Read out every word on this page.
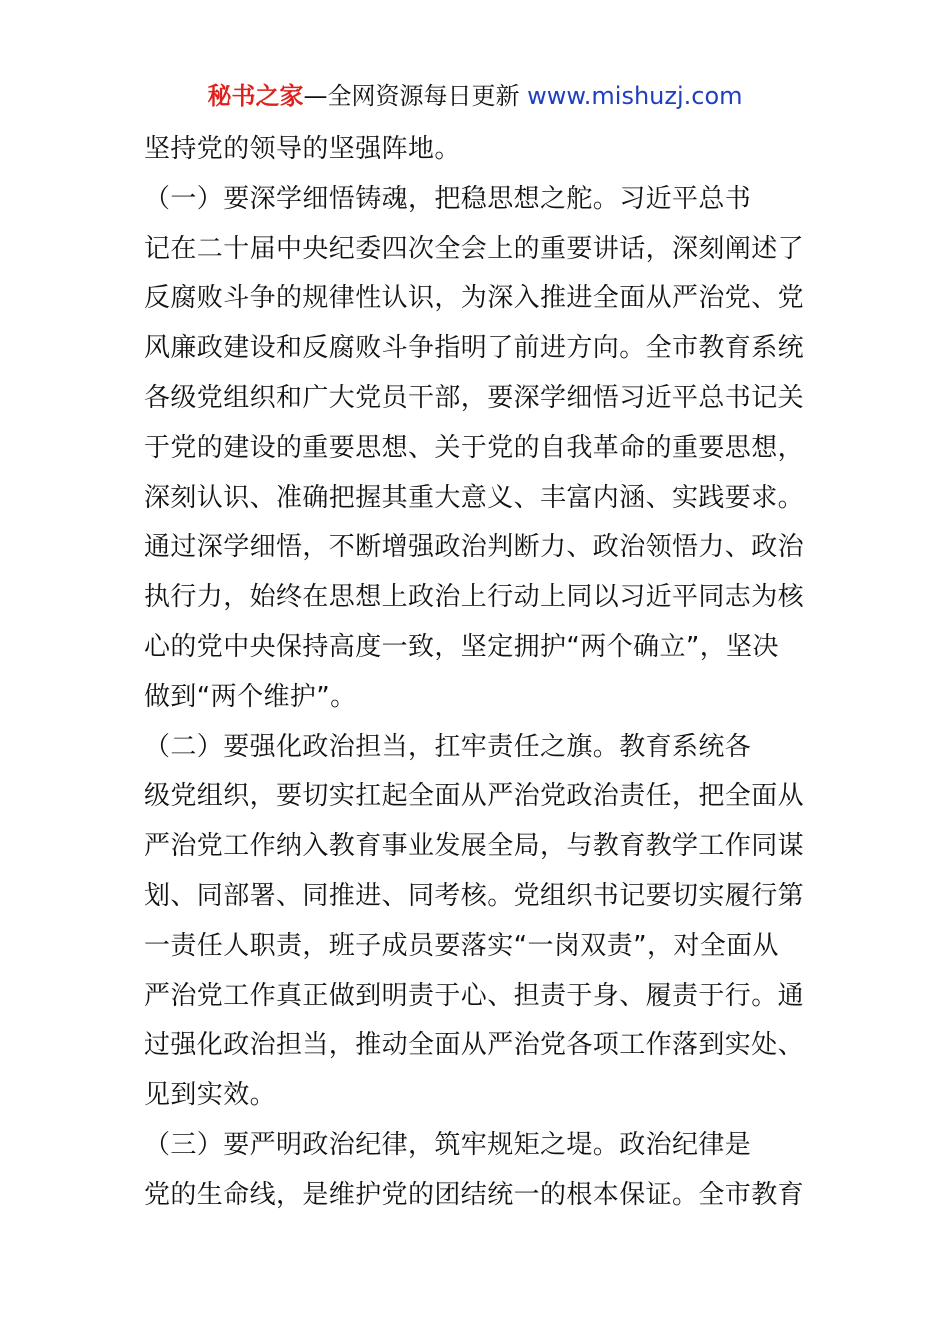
秘书之家—全网资源每日更新 www.mishuzj.com
坚持党的领导的坚强阵地。
（一）要深学细悟铸魂，把稳思想之舵。习近平总书
记在二十届中央纪委四次全会上的重要讲话，深刻阐述了
反腐败斗争的规律性认识，为深入推进全面从严治党、党
风廉政建设和反腐败斗争指明了前进方向。全市教育系统
各级党组织和广大党员干部，要深学细悟习近平总书记关
于党的建设的重要思想、关于党的自我革命的重要思想，
深刻认识、准确把握其重大意义、丰富内涵、实践要求。
通过深学细悟，不断增强政治判断力、政治领悟力、政治
执行力，始终在思想上政治上行动上同以习近平同志为核
心的党中央保持高度一致，坚定拥护“两个确立”，坚决
做到“两个维护”。
（二）要强化政治担当，扛牢责任之旗。教育系统各
级党组织，要切实扛起全面从严治党政治责任，把全面从
严治党工作纳入教育事业发展全局，与教育教学工作同谋
划、同部署、同推进、同考核。党组织书记要切实履行第
一责任人职责，班子成员要落实“一岗双责”，对全面从
严治党工作真正做到明责于心、担责于身、履责于行。通
过强化政治担当，推动全面从严治党各项工作落到实处、
见到实效。
（三）要严明政治纪律，筑牢规矩之堤。政治纪律是
党的生命线，是维护党的团结统一的根本保证。全市教育
